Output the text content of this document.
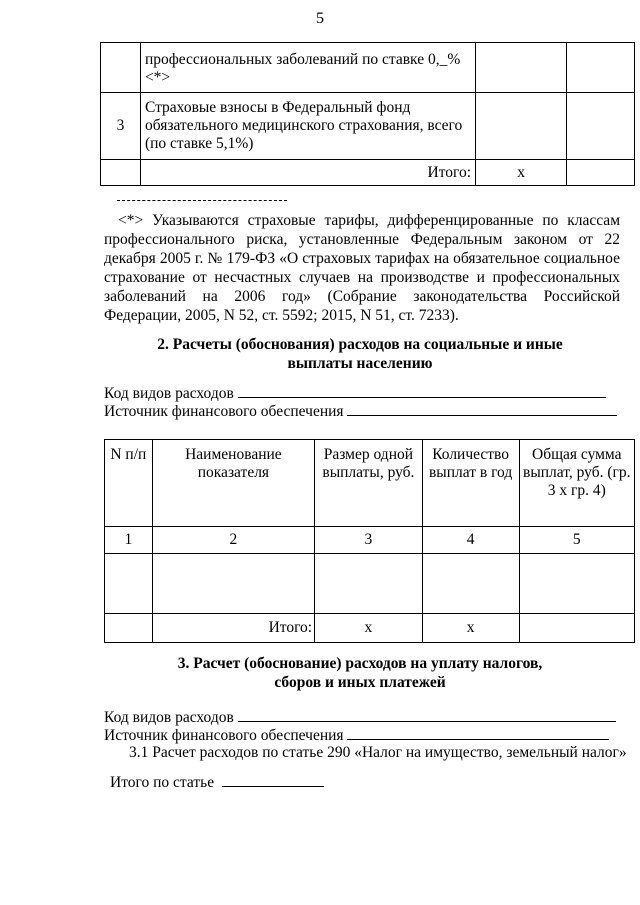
5
	профессиональных заболеваний по ставке 0,_% <*>		
3	Страховые взносы в Федеральный фонд обязательного медицинского страхования, всего (по ставке 5,1%)		
	Итого:	x	
<*> Указываются страховые тарифы, дифференцированные по классам профессионального риска, установленные Федеральным законом от 22 декабря 2005 г. № 179-ФЗ «О страховых тарифах на обязательное социальное страхование от несчастных случаев на производстве и профессиональных заболеваний на 2006 год» (Собрание законодательства Российской Федерации, 2005, N 52, ст. 5592; 2015, N 51, ст. 7233).
2. Расчеты (обоснования) расходов на социальные и иные
выплаты населению
Код видов расходов
Источник финансового обеспечения
N п/п	Наименование показателя	Размер одной выплаты, руб.	Количество выплат в год	Общая сумма выплат, руб. (гр. 3 х гр. 4)
1	2	3	4	5

	Итого:	x	x	
3. Расчет (обоснование) расходов на уплату налогов,
сборов и иных платежей
Код видов расходов
Источник финансового обеспечения
3.1 Расчет расходов по статье 290 «Налог на имущество, земельный налог»
Итого по статье
